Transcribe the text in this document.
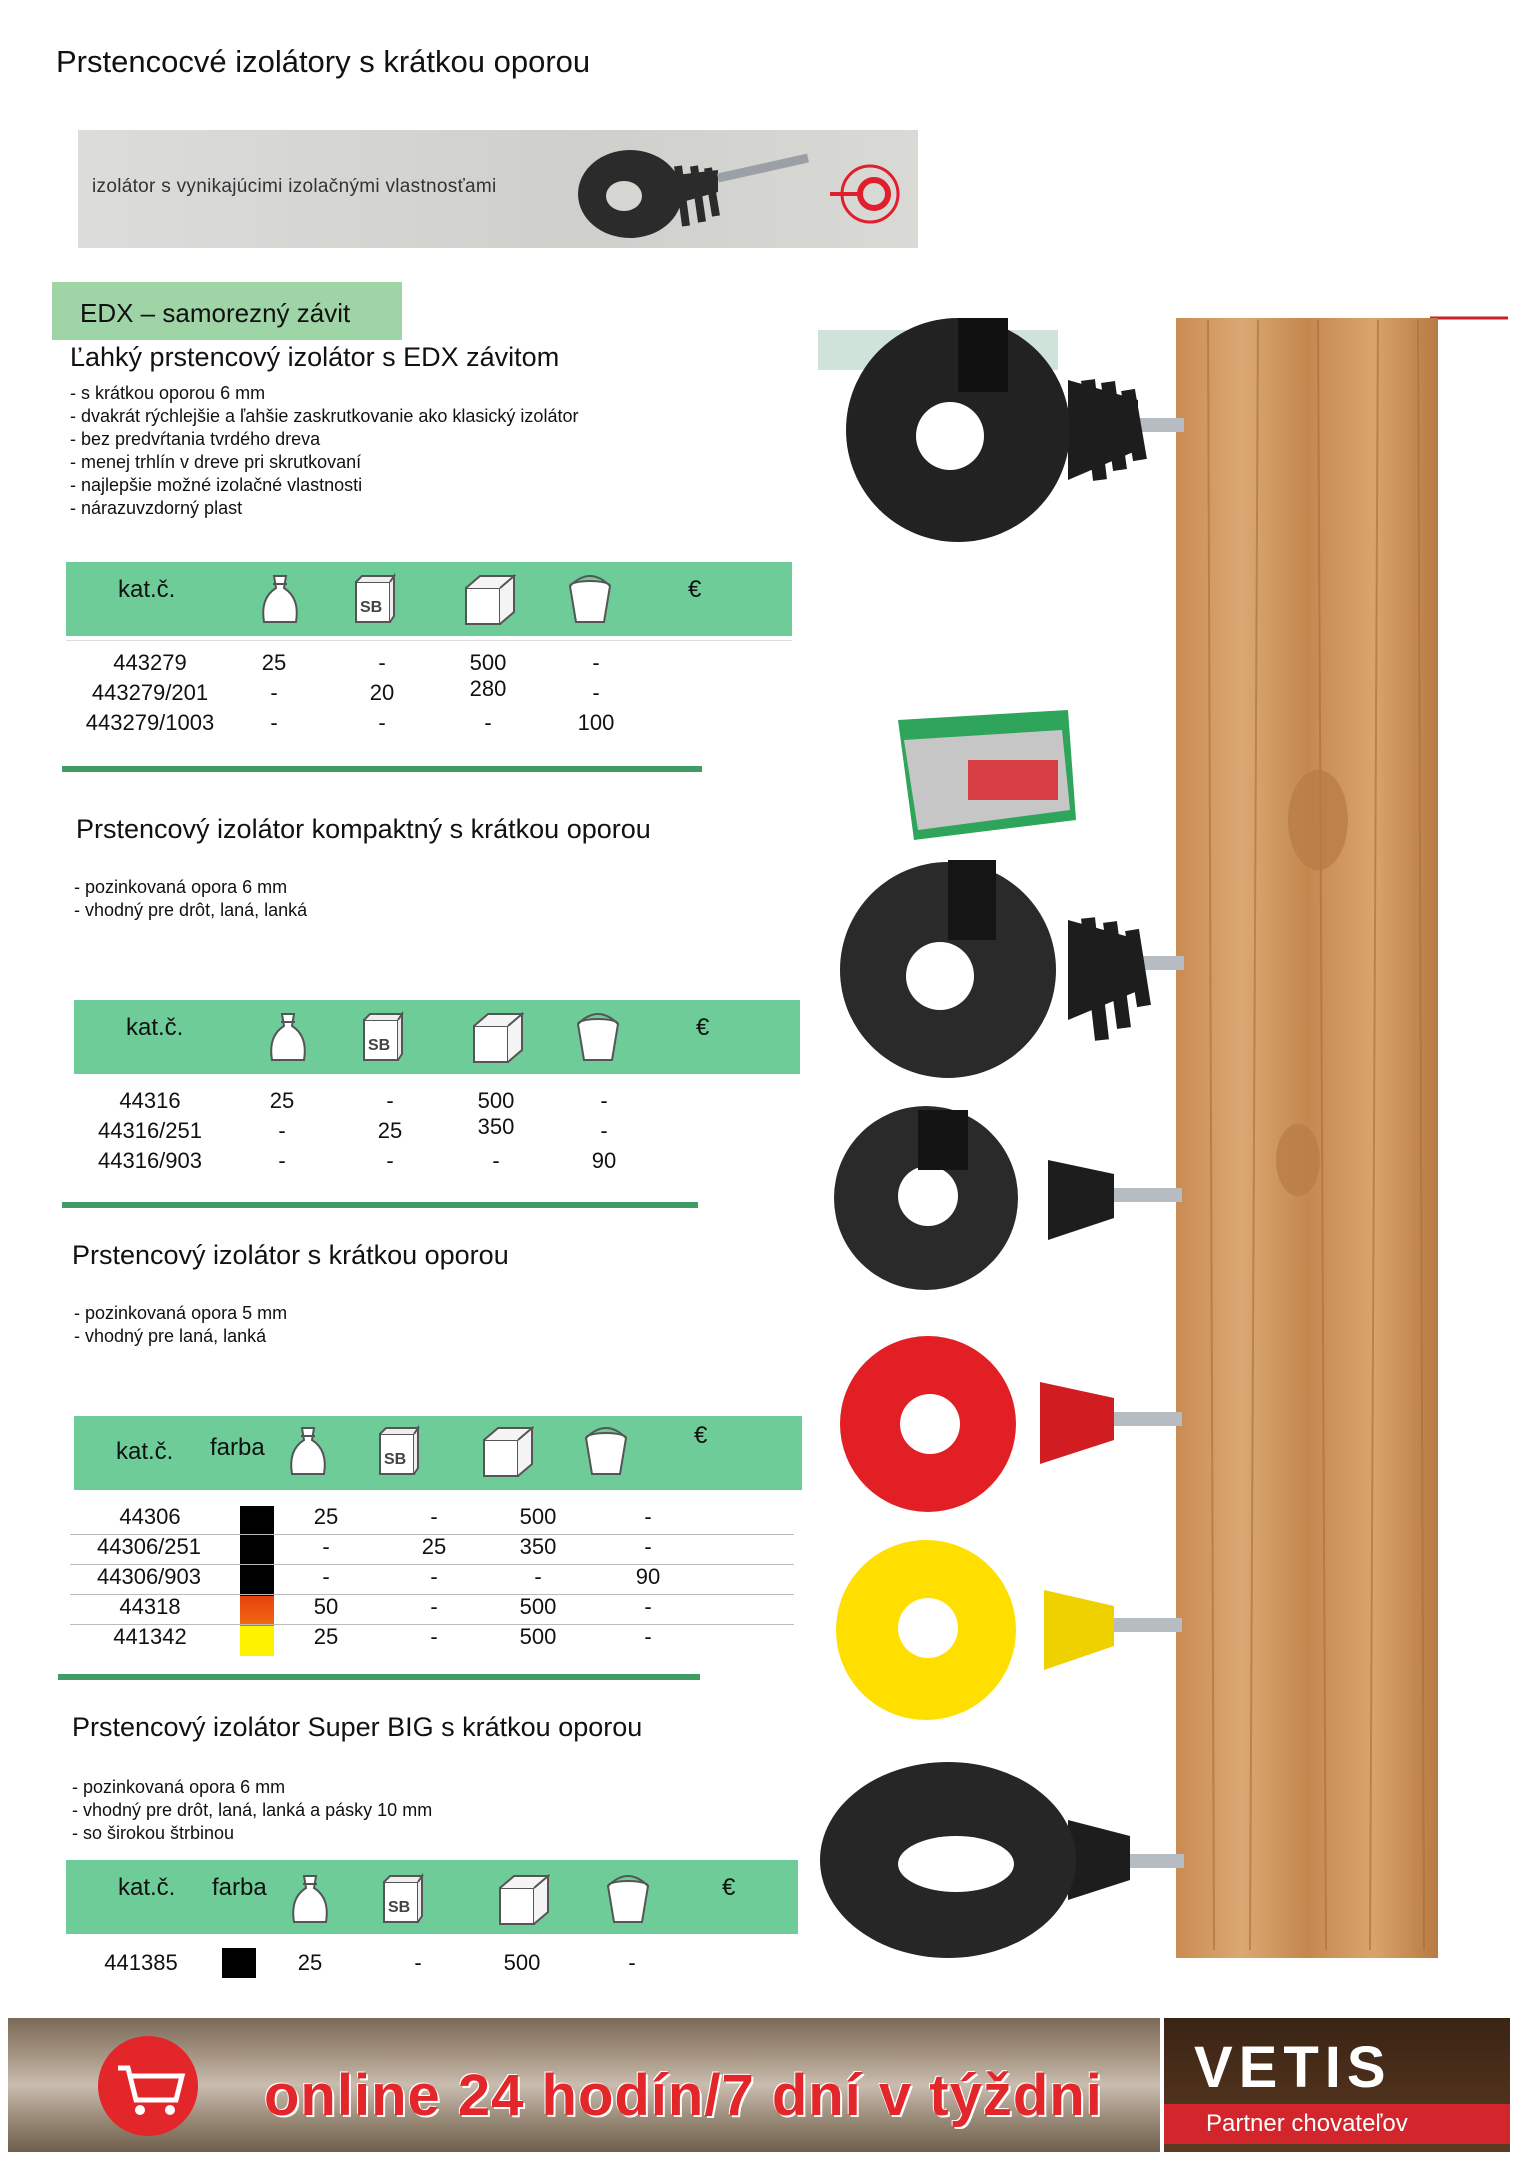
Prstencocvé izolátory s krátkou oporou
izolátor s vynikajúcimi izolačnými vlastnosťami
EDX – samorezný závit
Ľahký prstencový izolátor s EDX závitom
- s krátkou oporou 6 mm
- dvakrát rýchlejšie a ľahšie zaskrutkovanie ako klasický izolátor
- bez predvŕtania tvrdého dreva
- menej trhlín v dreve pri skrutkovaní
- najlepšie možné izolačné vlastnosti
- nárazuvzdorný plast
kat.č.
SB
€
443279	25	-	500	-
443279/201	-	20	280	-
443279/1003	-	-	-	100
Prstencový izolátor kompaktný s krátkou oporou
- pozinkovaná opora 6 mm
- vhodný pre drôt, laná, lanká
kat.č.
SB
€
44316	25	-	500	-
44316/251	-	25	350	-
44316/903	-	-	-	90
Prstencový izolátor s krátkou oporou
- pozinkovaná opora 5 mm
- vhodný pre laná, lanká
kat.č. farba	SB
€
44306	25	-	500	-
44306/251	-	25	350	-
44306/903	-	-	-	90
44318	50	-	500	-
441342	25	-	500	-
Prstencový izolátor Super BIG s krátkou oporou
- pozinkovaná opora 6 mm
- vhodný pre drôt, laná, lanká a pásky 10 mm
- so širokou štrbinou
kat.č. farba
SB
€
441385	25	-	500	-
online 24 hodín/7 dní v týždni VETIS
Partner chovateľov
